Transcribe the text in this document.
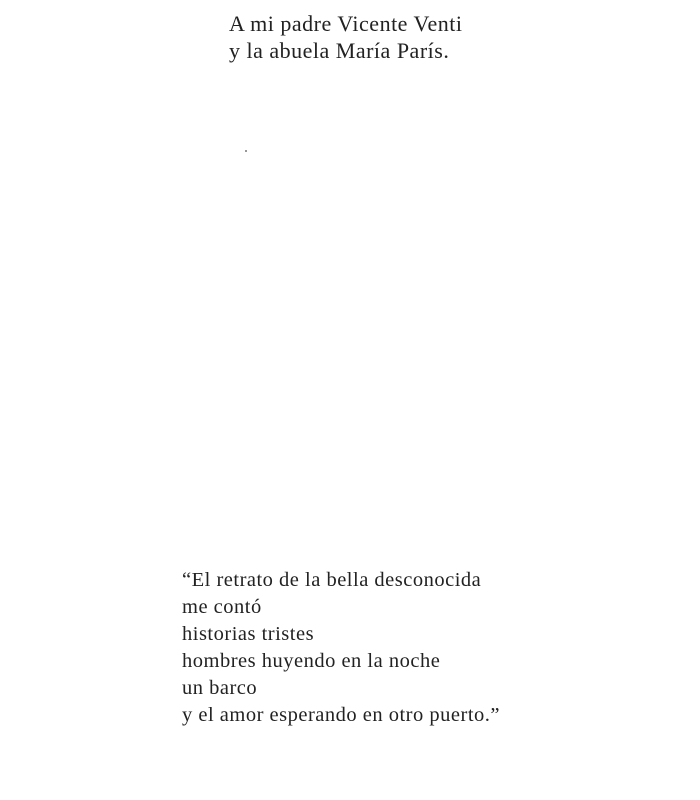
A mi padre Vicente Venti
y la abuela María París.
“El retrato de la bella desconocida
me contó
historias tristes
hombres huyendo en la noche
un barco
y el amor esperando en otro puerto.”
